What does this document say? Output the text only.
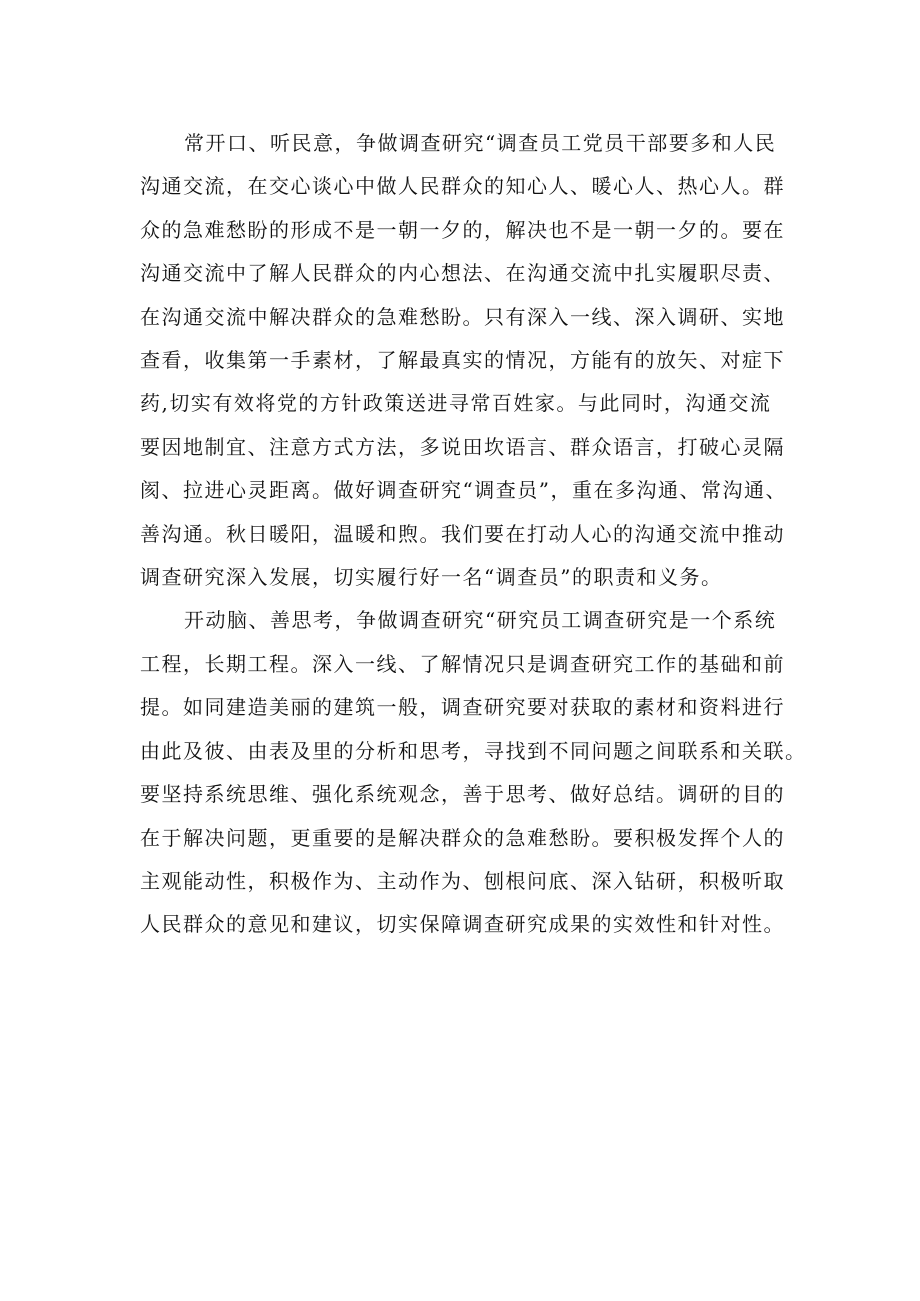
常开口、听民意，争做调查研究“调查员工党员干部要多和人民
沟通交流，在交心谈心中做人民群众的知心人、暖心人、热心人。群
众的急难愁盼的形成不是一朝一夕的，解决也不是一朝一夕的。要在
沟通交流中了解人民群众的内心想法、在沟通交流中扎实履职尽责、
在沟通交流中解决群众的急难愁盼。只有深入一线、深入调研、实地
查看，收集第一手素材，了解最真实的情况，方能有的放矢、对症下
药,切实有效将党的方针政策送进寻常百姓家。与此同时，沟通交流
要因地制宜、注意方式方法，多说田坎语言、群众语言，打破心灵隔
阂、拉进心灵距离。做好调查研究“调查员”，重在多沟通、常沟通、
善沟通。秋日暖阳，温暖和煦。我们要在打动人心的沟通交流中推动
调查研究深入发展，切实履行好一名“调查员”的职责和义务。

开动脑、善思考，争做调查研究“研究员工调查研究是一个系统
工程，长期工程。深入一线、了解情况只是调查研究工作的基础和前
提。如同建造美丽的建筑一般，调查研究要对获取的素材和资料进行
由此及彼、由表及里的分析和思考，寻找到不同问题之间联系和关联。
要坚持系统思维、强化系统观念，善于思考、做好总结。调研的目的
在于解决问题，更重要的是解决群众的急难愁盼。要积极发挥个人的
主观能动性，积极作为、主动作为、刨根问底、深入钻研，积极听取
人民群众的意见和建议，切实保障调查研究成果的实效性和针对性。
